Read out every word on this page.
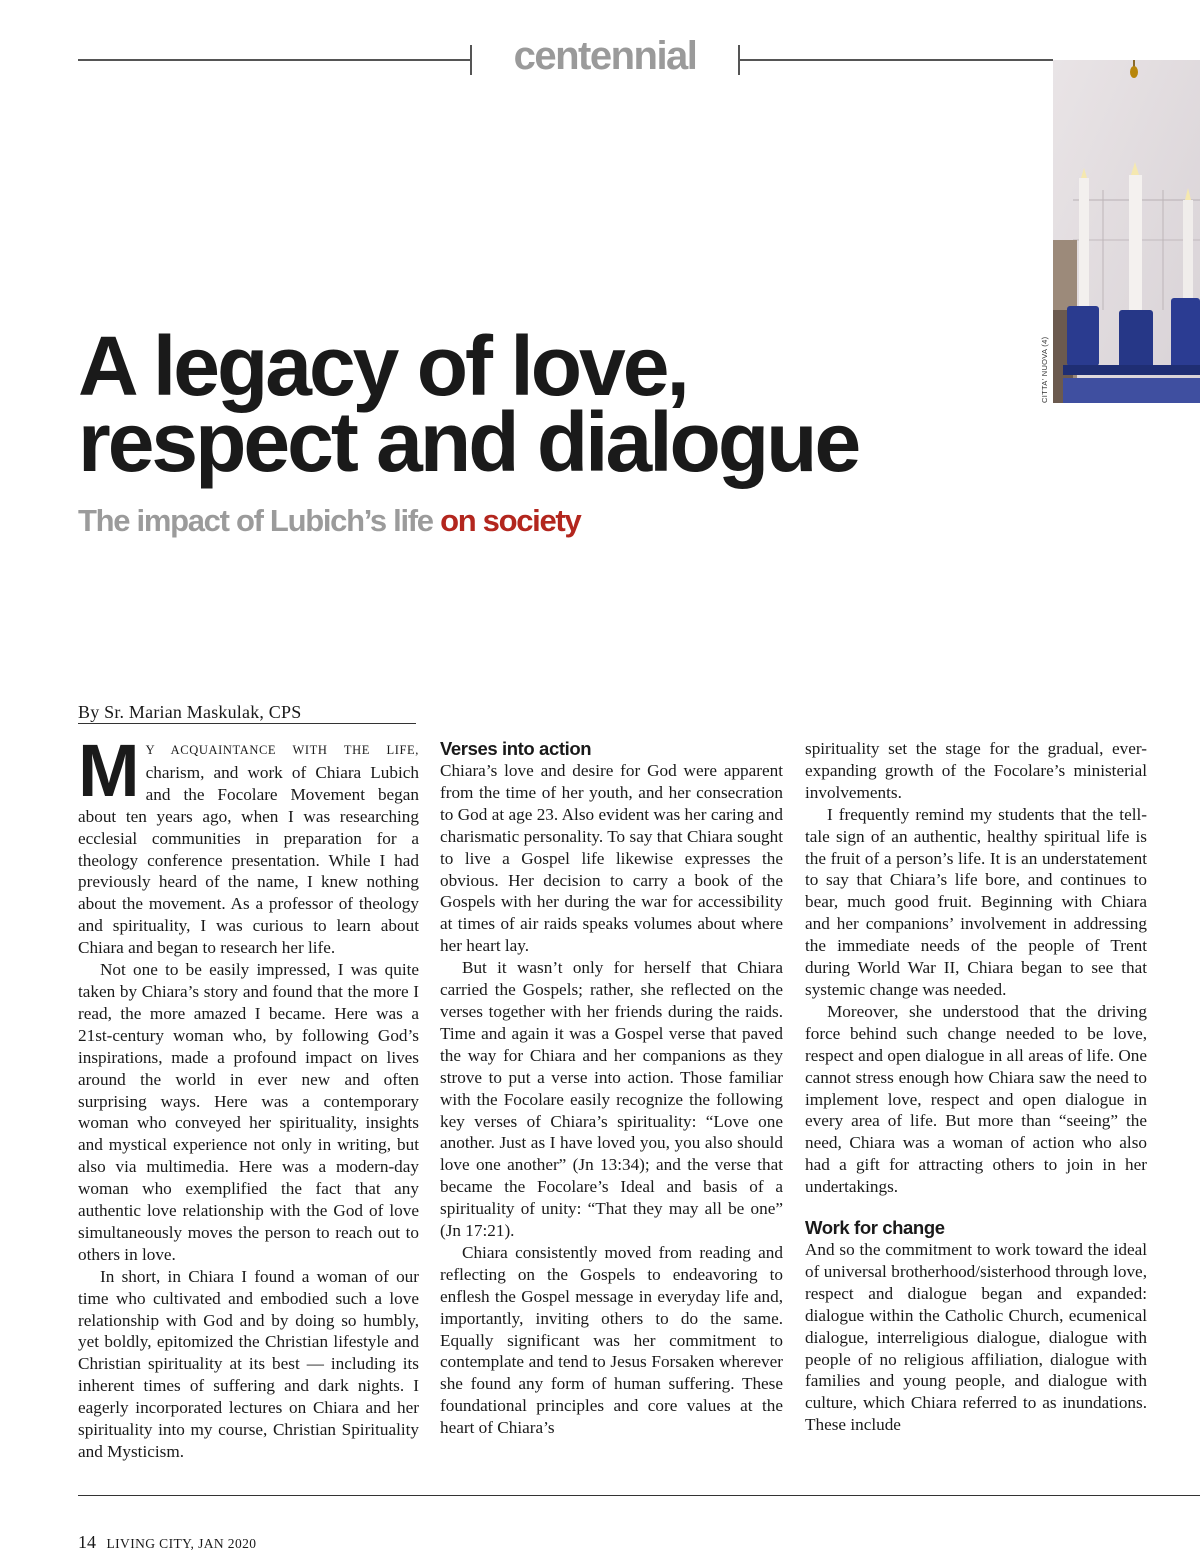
centennial
CITTA' NUOVA (4)
A legacy of love,
respect and dialogue
The impact of Lubich’s life on society
By Sr. Marian Maskulak, CPS

MY ACQUAINTANCE WITH THE LIFE, charism, and work of Chiara Lubich and the Focolare Movement began about ten years ago, when I was researching ecclesial communities in preparation for a theology conference presentation. While I had previously heard of the name, I knew nothing about the movement. As a professor of theology and spirituality, I was curious to learn about Chiara and began to research her life.

Not one to be easily impressed, I was quite taken by Chiara’s story and found that the more I read, the more amazed I became. Here was a 21st-century woman who, by following God’s inspirations, made a profound impact on lives around the world in ever new and often surprising ways. Here was a contemporary woman who conveyed her spirituality, insights and mystical experience not only in writing, but also via multimedia. Here was a modern-day woman who exemplified the fact that any authentic love relationship with the God of love simultaneously moves the person to reach out to others in love.

In short, in Chiara I found a woman of our time who cultivated and embodied such a love relationship with God and by doing so humbly, yet boldly, epitomized the Christian lifestyle and Christian spirituality at its best — including its inherent times of suffering and dark nights. I eagerly incorporated lectures on Chiara and her spirituality into my course, Christian Spirituality and Mysticism.

Verses into action

Chiara’s love and desire for God were apparent from the time of her youth, and her consecration to God at age 23. Also evident was her caring and charismatic personality. To say that Chiara sought to live a Gospel life likewise expresses the obvious. Her decision to carry a book of the Gospels with her during the war for accessibility at times of air raids speaks volumes about where her heart lay.

But it wasn’t only for herself that Chiara carried the Gospels; rather, she reflected on the verses together with her friends during the raids. Time and again it was a Gospel verse that paved the way for Chiara and her companions as they strove to put a verse into action. Those familiar with the Focolare easily recognize the following key verses of Chiara’s spirituality: “Love one another. Just as I have loved you, you also should love one another” (Jn 13:34); and the verse that became the Focolare’s Ideal and basis of a spirituality of unity: “That they may all be one” (Jn 17:21).

Chiara consistently moved from reading and reflecting on the Gospels to endeavoring to enflesh the Gospel message in everyday life and, importantly, inviting others to do the same. Equally significant was her commitment to contemplate and tend to Jesus Forsaken wherever she found any form of human suffering. These foundational principles and core values at the heart of Chiara’s

spirituality set the stage for the gradual, ever-expanding growth of the Focolare’s ministerial involvements.

I frequently remind my students that the tell-tale sign of an authentic, healthy spiritual life is the fruit of a person’s life. It is an understatement to say that Chiara’s life bore, and continues to bear, much good fruit. Beginning with Chiara and her companions’ involvement in addressing the immediate needs of the people of Trent during World War II, Chiara began to see that systemic change was needed.

Moreover, she understood that the driving force behind such change needed to be love, respect and open dialogue in all areas of life. One cannot stress enough how Chiara saw the need to implement love, respect and open dialogue in every area of life. But more than “seeing” the need, Chiara was a woman of action who also had a gift for attracting others to join in her undertakings.

Work for change

And so the commitment to work toward the ideal of universal brotherhood/sisterhood through love, respect and dialogue began and expanded: dialogue within the Catholic Church, ecumenical dialogue, interreligious dialogue, dialogue with people of no religious affiliation, dialogue with families and young people, and dialogue with culture, which Chiara referred to as inundations. These include

14 LIVING CITY, JAN 2020
